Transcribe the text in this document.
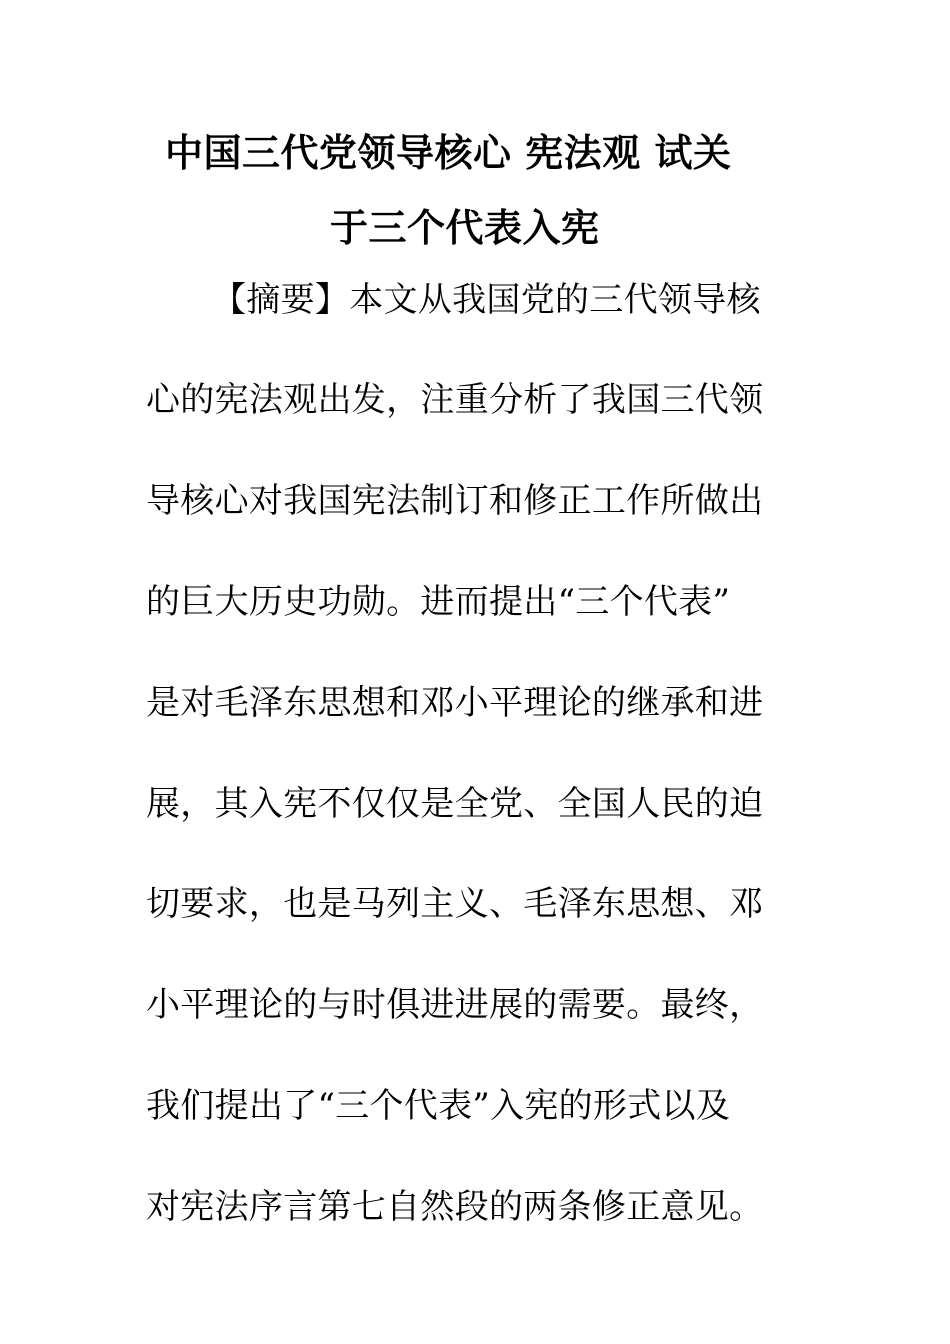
中国三代党领导核心 宪法观 试关
于三个代表入宪
【摘要】本文从我国党的三代领导核
心的宪法观出发，注重分析了我国三代领
导核心对我国宪法制订和修正工作所做出
的巨大历史功勋。进而提出“三个代表”
是对毛泽东思想和邓小平理论的继承和进
展，其入宪不仅仅是全党、全国人民的迫
切要求，也是马列主义、毛泽东思想、邓
小平理论的与时俱进进展的需要。最终，
我们提出了“三个代表”入宪的形式以及
对宪法序言第七自然段的两条修正意见。
